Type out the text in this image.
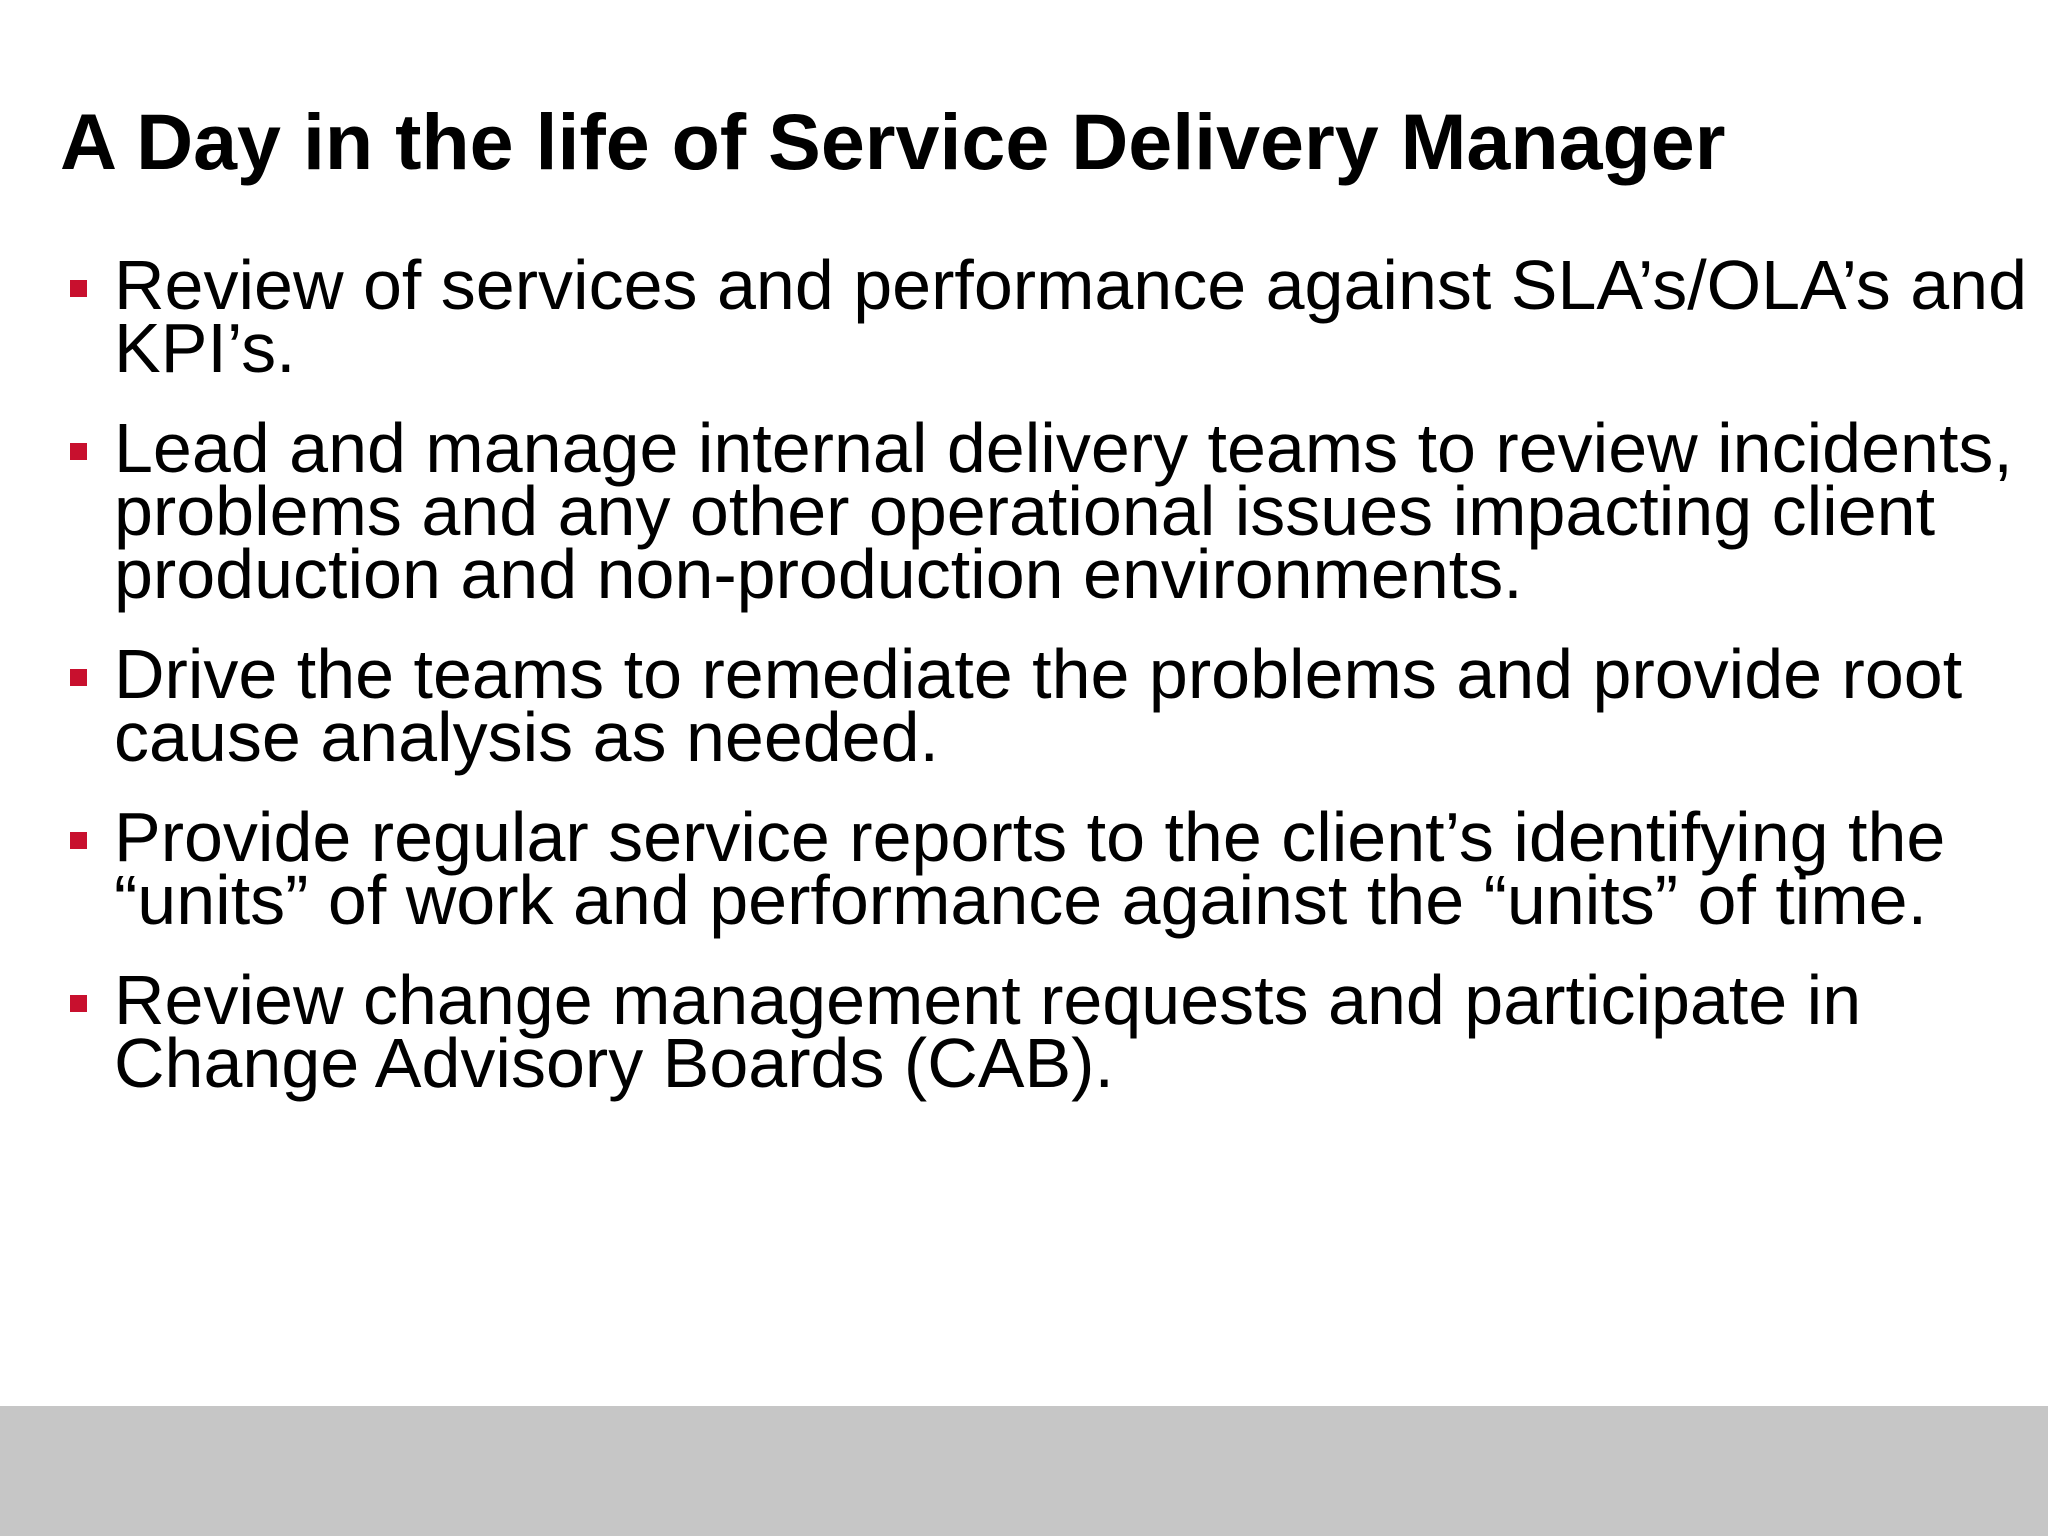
A Day in the life of Service Delivery Manager
Review of services and performance against SLA’s/OLA’s and KPI’s.
Lead and manage internal delivery teams to review incidents, problems and any other operational issues impacting client production and non-production environments.
Drive the teams to remediate the problems and provide root cause analysis as needed.
Provide regular service reports to the client’s identifying the “units” of work and performance against the “units” of time.
Review change management requests and participate in Change Advisory Boards (CAB).
